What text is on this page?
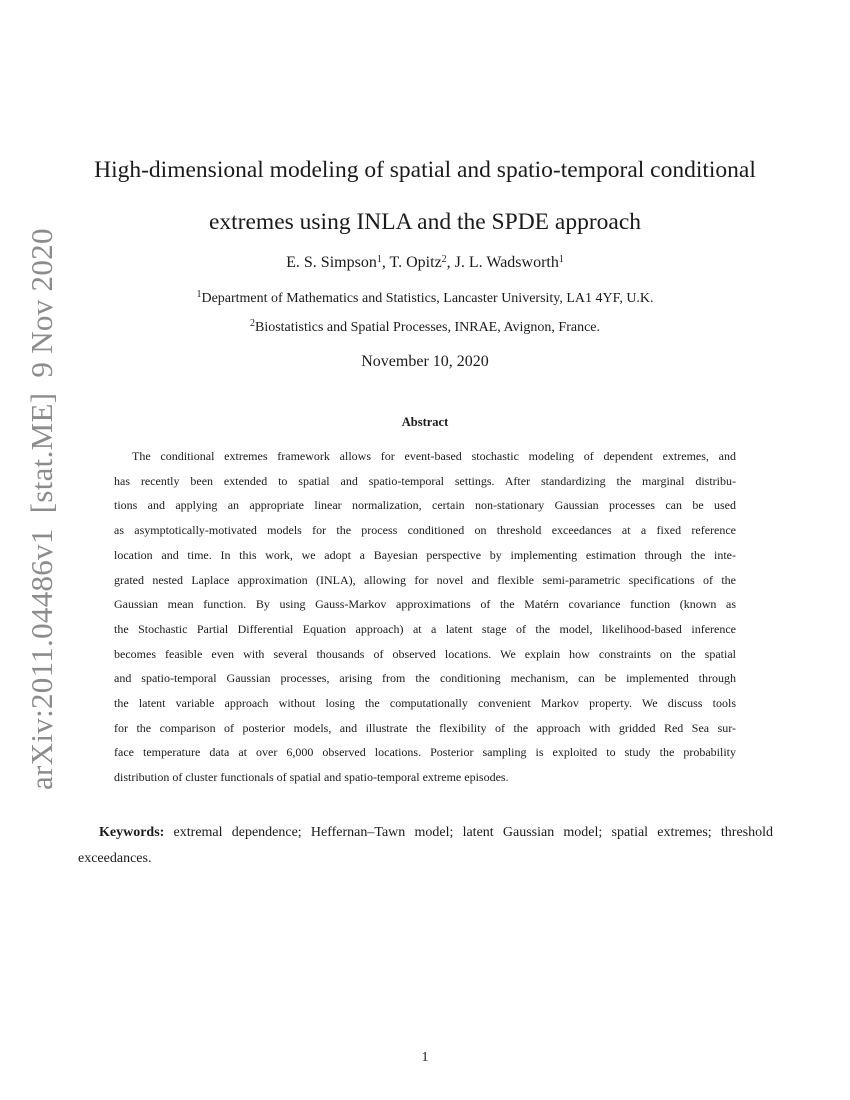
arXiv:2011.04486v1[stat.ME]9 Nov 2020
High-dimensional modeling of spatial and spatio-temporal conditional
extremes using INLA and the SPDE approach
E. S. Simpson$^1$, T. Opitz$^2$, J. L. Wadsworth$^1$
$^1$Department of Mathematics and Statistics, Lancaster University, LA1 4YF, U.K.
$^2$Biostatistics and Spatial Processes, INRAE, Avignon, France.
November 10, 2020
Abstract
The conditional extremes framework allows for event-based stochastic modeling of dependent extremes, and
has recently been extended to spatial and spatio-temporal settings. After standardizing the marginal distribu-
tions and applying an appropriate linear normalization, certain non-stationary Gaussian processes can be used
as asymptotically-motivated models for the process conditioned on threshold exceedances at a fixed reference
location and time. In this work, we adopt a Bayesian perspective by implementing estimation through the inte-
grated nested Laplace approximation (INLA), allowing for novel and flexible semi-parametric specifications of the
Gaussian mean function. By using Gauss-Markov approximations of the Matérn covariance function (known as
the Stochastic Partial Differential Equation approach) at a latent stage of the model, likelihood-based inference
becomes feasible even with several thousands of observed locations. We explain how constraints on the spatial
and spatio-temporal Gaussian processes, arising from the conditioning mechanism, can be implemented through
the latent variable approach without losing the computationally convenient Markov property. We discuss tools
for the comparison of posterior models, and illustrate the flexibility of the approach with gridded Red Sea sur-
face temperature data at over 6,000 observed locations. Posterior sampling is exploited to study the probability
distribution of cluster functionals of spatial and spatio-temporal extreme episodes.
Keywords: extremal dependence; Heffernan–Tawn model; latent Gaussian model; spatial extremes; threshold
exceedances.
1
